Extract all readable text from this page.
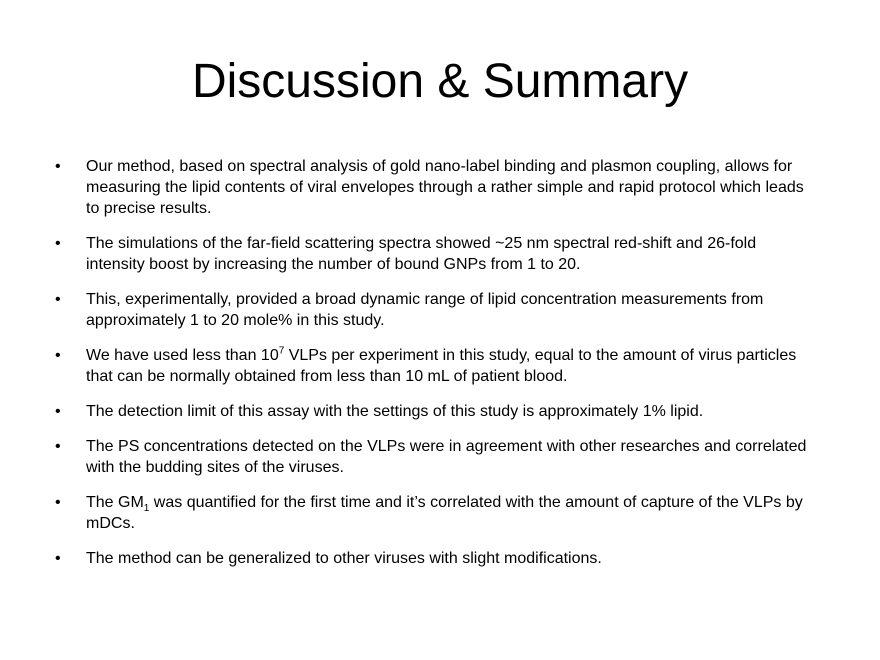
Discussion & Summary
• Our method, based on spectral analysis of gold nano-label binding and plasmon coupling, allows for measuring the lipid contents of viral envelopes through a rather simple and rapid protocol which leads to precise results.
• The simulations of the far-field scattering spectra showed ~25 nm spectral red-shift and 26-fold intensity boost by increasing the number of bound GNPs from 1 to 20.
• This, experimentally, provided a broad dynamic range of lipid concentration measurements from approximately 1 to 20 mole% in this study.
• We have used less than $10^7$ VLPs per experiment in this study, equal to the amount of virus particles that can be normally obtained from less than 10 mL of patient blood.
• The detection limit of this assay with the settings of this study is approximately 1% lipid.
• The PS concentrations detected on the VLPs were in agreement with other researches and correlated with the budding sites of the viruses.
• The $GM_1$ was quantified for the first time and it’s correlated with the amount of capture of the VLPs by mDCs.
• The method can be generalized to other viruses with slight modifications.
